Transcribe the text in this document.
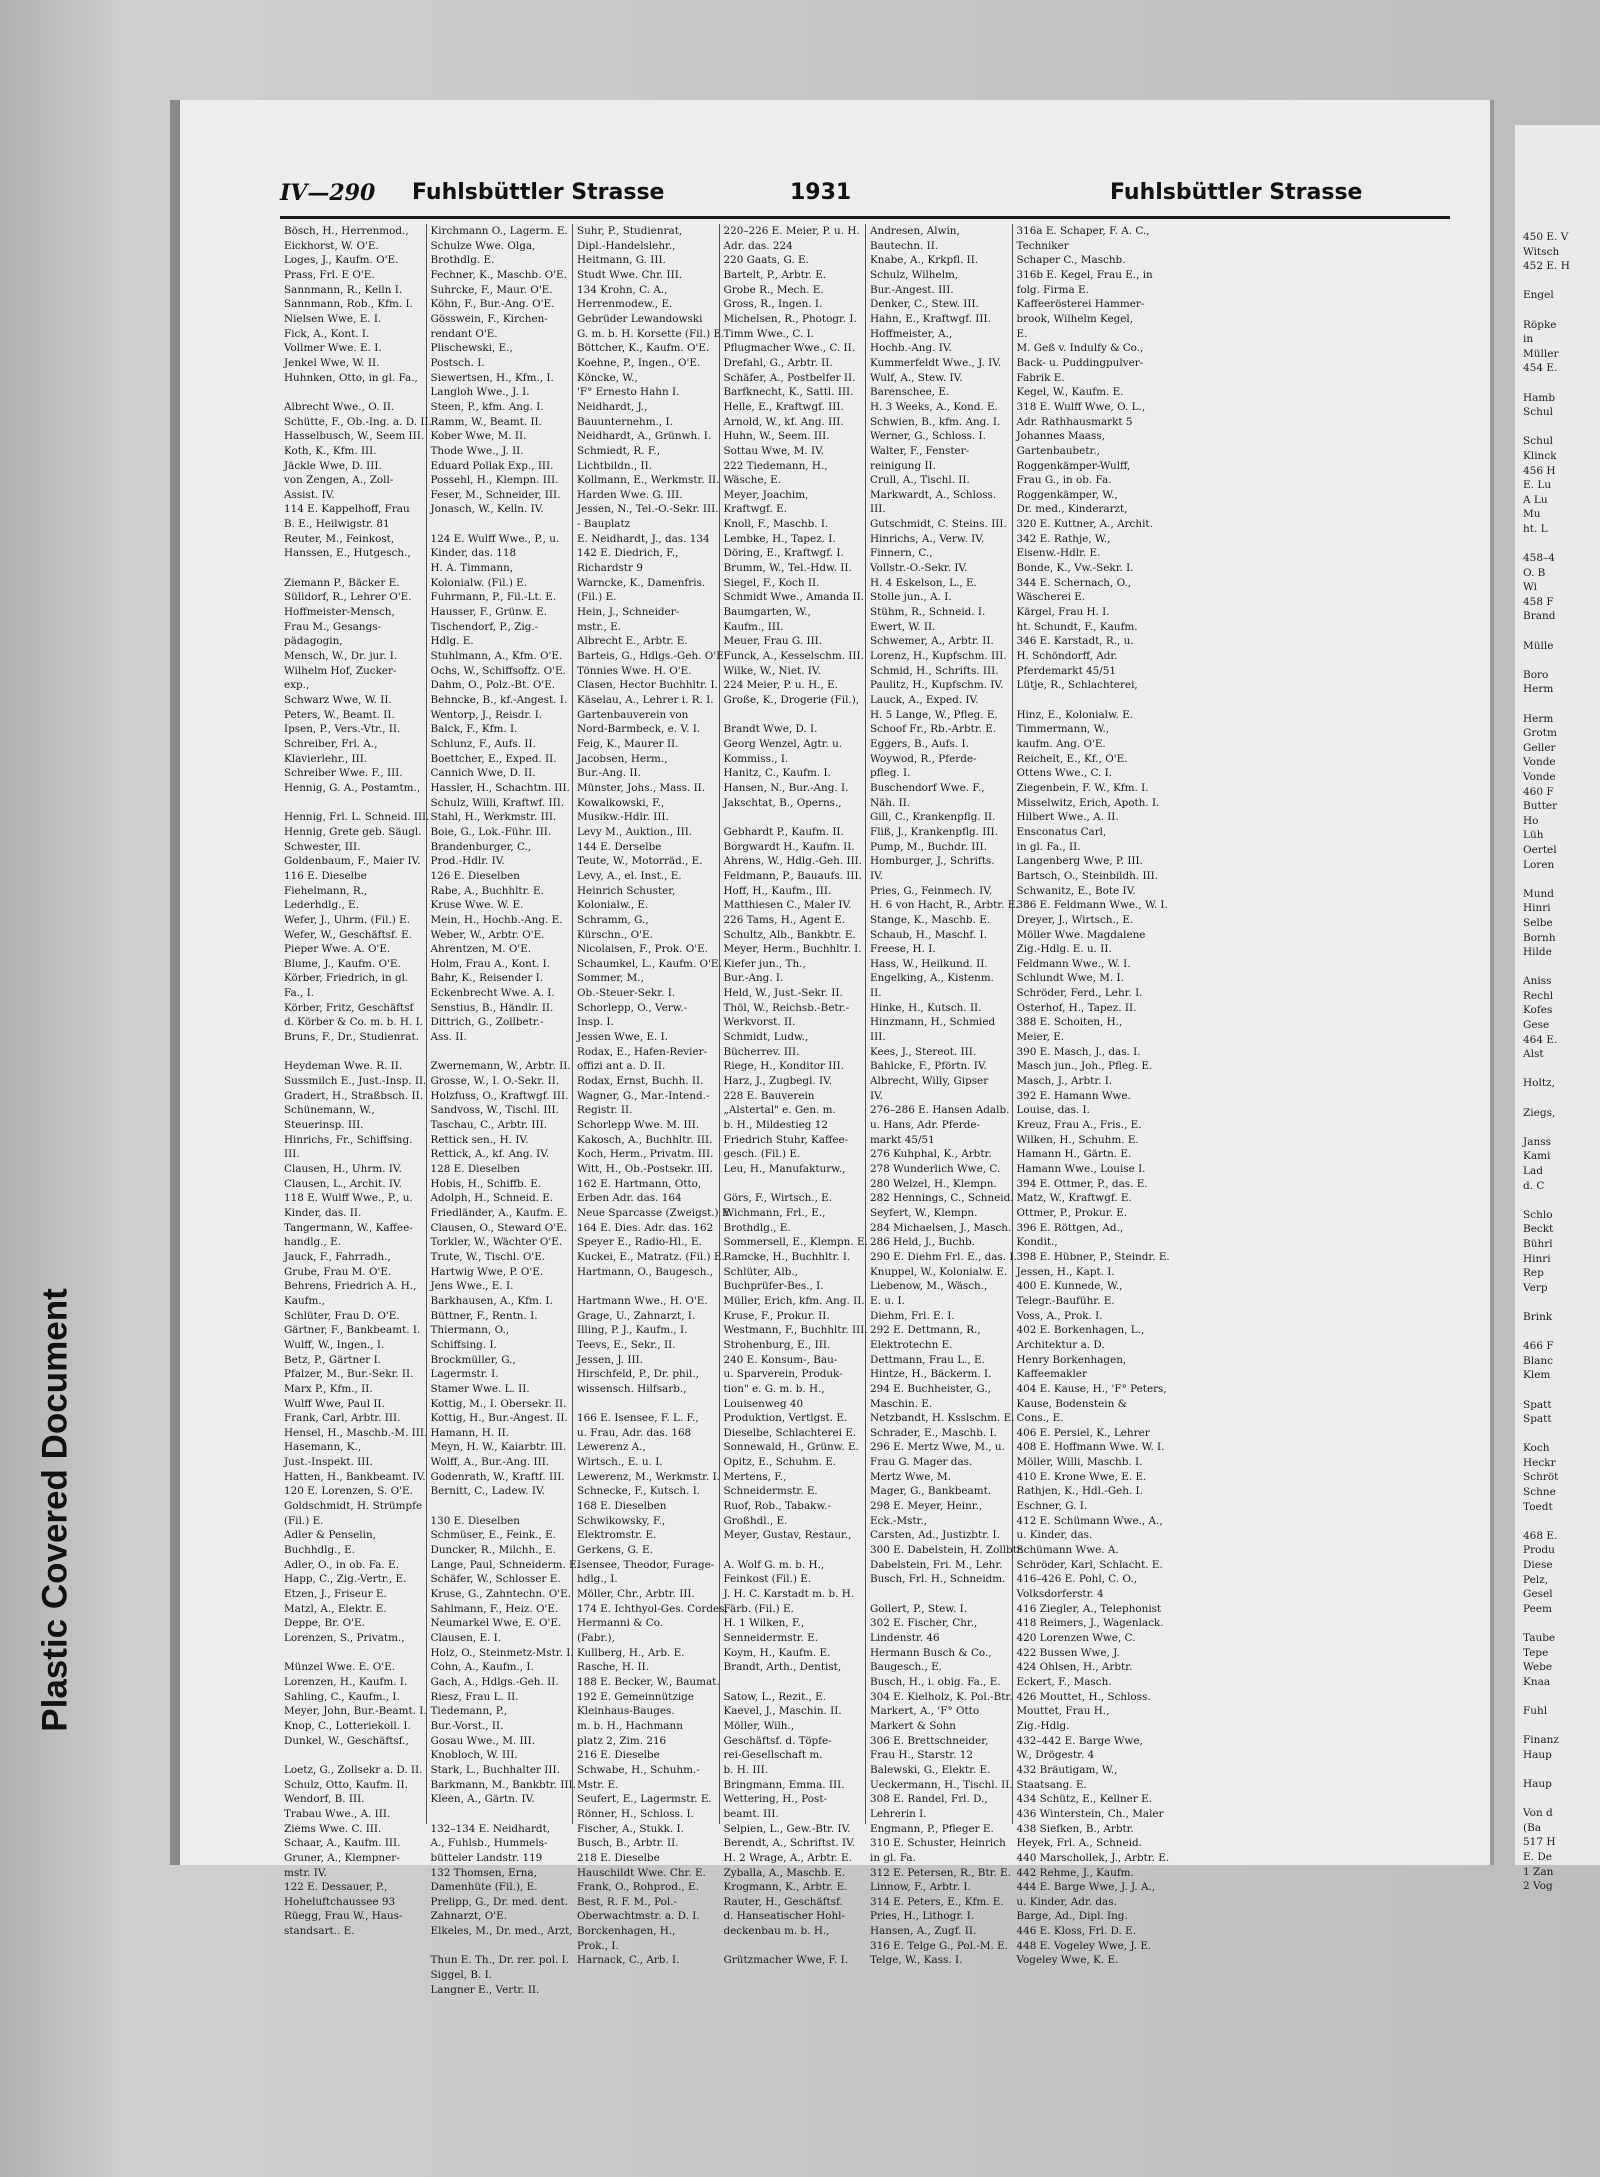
Plastic Covered Document
IV—290 Fuhlsbüttler Strasse	1931	Fuhlsbüttler Strasse
Bösch, H., Herrenmod.,
Eickhorst, W. O'E.
Loges, J., Kaufm. O'E.
Prass, Frl. E O'E.
Sannmann, R., Kelln I.
Sannmann, Rob., Kfm. I.
Nielsen Wwe, E. I.
Fick, A., Kont. I.
Vollmer Wwe. E. I.
Jenkel Wwe, W. II.
Huhnken, Otto, in gl. Fa.,

Albrecht Wwe., O. II.
Schütte, F., Ob.-Ing. a. D. II.
Hasselbusch, W., Seem III.
Koth, K., Kfm. III.
Jäckle Wwe, D. III.
von Zengen, A., Zoll-
Assist. IV.
114 E. Kappelhoff, Frau
B. E., Heilwigstr. 81
Reuter, M., Feinkost,
Hanssen, E., Hutgesch.,

Ziemann P., Bäcker E.
Sülldorf, R., Lehrer O'E.
Hoffmeister-Mensch,
Frau M., Gesangs-
pädagogin,
Mensch, W., Dr. jur. I.
Wilhelm Hof, Zucker-
exp.,
Schwarz Wwe, W. II.
Peters, W., Beamt. II.
Ipsen, P., Vers.-Vtr., II.
Schreiber, Frl. A.,
Klavierlehr., III.
Schreiber Wwe. F., III.
Hennig, G. A., Postamtm.,

Hennig, Frl. L. Schneid. III.
Hennig, Grete geb. Säugl.
Schwester, III.
Goldenbaum, F., Maier IV.
116 E. Dieselbe
Fiehelmann, R.,
Lederhdlg., E.
Wefer, J., Uhrm. (Fil.) E.
Wefer, W., Geschäftsf. E.
Pieper Wwe. A. O'E.
Blume, J., Kaufm. O'E.
Körber, Friedrich, in gl.
Fa., I.
Körber, Fritz, Geschäftsf
d. Körber & Co. m. b. H. I.
Bruns, F., Dr., Studienrat.

Heydeman Wwe. R. II.
Sussmilch E., Just.-Insp. II.
Gradert, H., Straßbsch. II.
Schünemann, W.,
Steuerinsp. III.
Hinrichs, Fr., Schiffsing.
III.
Clausen, H., Uhrm. IV.
Clausen, L., Archit. IV.
118 E. Wulff Wwe., P., u.
Kinder, das. II.
Tangermann, W., Kaffee-
handlg., E.
Jauck, F., Fahrradh.,
Grube, Frau M. O'E.
Behrens, Friedrich A. H.,
Kaufm.,
Schlüter, Frau D. O'E.
Gärtner, F., Bankbeamt. I.
Wulff, W., Ingen., I.
Betz, P., Gärtner I.
Pfalzer, M., Bur.-Sekr. II.
Marx P., Kfm., II.
Wulff Wwe, Paul II.
Frank, Carl, Arbtr. III.
Hensel, H., Maschb.-M. III.
Hasemann, K.,
Just.-Inspekt. III.
Hatten, H., Bankbeamt. IV.
120 E. Lorenzen, S. O'E.
Goldschmidt, H. Strümpfe
(Fil.) E.
Adler & Penselin,
Buchhdlg., E.
Adler, O., in ob. Fa. E.
Happ, C., Zig.-Vertr., E.
Etzen, J., Friseur E.
Matzl, A., Elektr. E.
Deppe, Br. O'E.
Lorenzen, S., Privatm.,

Münzel Wwe. E. O'E.
Lorenzen, H., Kaufm. I.
Sahling, C., Kaufm., I.
Meyer, John, Bur.-Beamt. I.
Knop, C., Lotteriekoll. I.
Dunkel, W., Geschäftsf.,

Loetz, G., Zollsekr a. D. II.
Schulz, Otto, Kaufm. II.
Wendorf, B. III.
Trabau Wwe., A. III.
Ziems Wwe. C. III.
Schaar, A., Kaufm. III.
Gruner, A., Klempner-
mstr. IV.
122 E. Dessauer, P.,
Hoheluftchaussee 93
Rüegg, Frau W., Haus-
standsart.. E.
Kirchmann O., Lagerm. E.
Schulze Wwe. Olga,
Brothdlg. E.
Fechner, K., Maschb. O'E.
Suhrcke, F., Maur. O'E.
Köhn, F., Bur.-Ang. O'E.
Gösswein, F., Kirchen-
rendant O'E.
Plischewski, E.,
Postsch. I.
Siewertsen, H., Kfm., I.
Langloh Wwe., J. I.
Steen, P., kfm. Ang. I.
Ramm, W., Beamt. II.
Kober Wwe, M. II.
Thode Wwe., J. II.
Eduard Pollak Exp., III.
Possehl, H., Klempn. III.
Feser, M., Schneider, III.
Jonasch, W., Kelln. IV.

124 E. Wulff Wwe., P., u.
Kinder, das. 118
H. A. Timmann,
Kolonialw. (Fil.) E.
Fuhrmann, P., Fil.-Lt. E.
Hausser, F., Grünw. E.
Tischendorf, P., Zig.-
Hdlg. E.
Stuhlmann, A., Kfm. O'E.
Ochs, W., Schiffsoffz. O'E.
Dahm, O., Polz.-Bt. O'E.
Behncke, B., kf.-Angest. I.
Wentorp, J., Reisdr. I.
Balck, F., Kfm. I.
Schlunz, F., Aufs. II.
Boettcher, E., Exped. II.
Cannich Wwe, D. II.
Hassler, H., Schachtm. III.
Schulz, Willi, Kraftwf. III.
Stahl, H., Werkmstr. III.
Boie, G., Lok.-Führ. III.
Brandenburger, C.,
Prod.-Hdlr. IV.
126 E. Dieselben
Rabe, A., Buchhltr. E.
Kruse Wwe. W. E.
Mein, H., Hochb.-Ang. E.
Weber, W., Arbtr. O'E.
Ahrentzen, M. O'E.
Holm, Frau A., Kont. I.
Bahr, K., Reisender I.
Eckenbrecht Wwe. A. I.
Senstius, B., Händlr. II.
Dittrich, G., Zollbetr.-
Ass. II.

Zwernemann, W., Arbtr. II.
Grosse, W., I. O.-Sekr. II.
Holzfuss, O., Kraftwgf. III.
Sandvoss, W., Tischl. III.
Taschau, C., Arbtr. III.
Rettick sen., H. IV.
Rettick, A., kf. Ang. IV.
128 E. Dieselben
Hobis, H., Schiffb. E.
Adolph, H., Schneid. E.
Friedländer, A., Kaufm. E.
Clausen, O., Steward O'E.
Torkler, W., Wächter O'E.
Trute, W., Tischl. O'E.
Hartwig Wwe, P. O'E.
Jens Wwe., E. I.
Barkhausen, A., Kfm. I.
Büttner, F., Rentn. I.
Thiermann, O.,
Schiffsing. I.
Brockmüller, G.,
Lagermstr. I.
Stamer Wwe. L. II.
Kottig, M., I. Obersekr. II.
Kottig, H., Bur.-Angest. II.
Hamann, H. II.
Meyn, H. W., Kaiarbtr. III.
Wolff, A., Bur.-Ang. III.
Godenrath, W., Kraftf. III.
Bernitt, C., Ladew. IV.

130 E. Dieselben
Schmüser, E., Feink., E.
Duncker, R., Milchh., E.
Lange, Paul, Schneiderm. E.
Schäfer, W., Schlosser E.
Kruse, G., Zahntechn. O'E.
Sahlmann, F., Heiz. O'E.
Neumarkel Wwe, E. O'E.
Clausen, E. I.
Holz, O., Steinmetz-Mstr. I.
Cohn, A., Kaufm., I.
Gach, A., Hdlgs.-Geh. II.
Riesz, Frau L. II.
Tiedemann, P.,
Bur.-Vorst., II.
Gosau Wwe., M. III.
Knobloch, W. III.
Stark, L., Buchhalter III.
Barkmann, M., Bankbtr. III.
Kleen, A., Gärtn. IV.

132–134 E. Neidhardt,
A., Fuhlsb., Hummels-
bütteler Landstr. 119
132 Thomsen, Erna,
Damenhüte (Fil.), E.
Prelipp, G., Dr. med. dent.
Zahnarzt, O'E.
Elkeles, M., Dr. med., Arzt,

Thun E. Th., Dr. rer. pol. I.
Siggel, B. I.
Langner E., Vertr. II.
Suhr, P., Studienrat,
Dipl.-Handelslehr.,
Heitmann, G. III.
Studt Wwe. Chr. III.
134 Krohn, C. A.,
Herrenmodew., E.
Gebrüder Lewandowski
G. m. b. H. Korsette (Fil.) E.
Böttcher, K., Kaufm. O'E.
Koehne, P., Ingen., O'E.
Köncke, W.,
'F° Ernesto Hahn I.
Neidhardt, J.,
Bauunternehm., I.
Neidhardt, A., Grünwh. I.
Schmiedt, R. F.,
Lichtbildn., II.
Kollmann, E., Werkmstr. II.
Harden Wwe. G. III.
Jessen, N., Tel.-O.-Sekr. III.
- Bauplatz
E. Neidhardt, J., das. 134
142 E. Diedrich, F.,
Richardstr 9
Warncke, K., Damenfris.
(Fil.) E.
Hein, J., Schneider-
mstr., E.
Albrecht E., Arbtr. E.
Barteis, G., Hdlgs.-Geh. O'E.
Tönnies Wwe. H. O'E.
Clasen, Hector Buchhltr. I.
Käselau, A., Lehrer i. R. I.
Gartenbauverein von
Nord-Barmbeck, e. V. I.
Feig, K., Maurer II.
Jacobsen, Herm.,
Bur.-Ang. II.
Münster, Johs., Mass. II.
Kowalkowski, F.,
Musikw.-Hdlr. III.
Levy M., Auktion., III.
144 E. Derselbe
Teute, W., Motorräd., E.
Levy, A., el. Inst., E.
Heinrich Schuster,
Kolonialw., E.
Schramm, G.,
Kürschn., O'E.
Nicolaisen, F., Prok. O'E.
Schaumkel, L., Kaufm. O'E.
Sommer, M.,
Ob.-Steuer-Sekr. I.
Schorlepp, O., Verw.-
Insp. I.
Jessen Wwe, E. I.
Rodax, E., Hafen-Revier-
offizi ant a. D. II.
Rodax, Ernst, Buchh. II.
Wagner, G., Mar.-Intend.-
Registr. II.
Schorlepp Wwe. M. III.
Kakosch, A., Buchhltr. III.
Koch, Herm., Privatm. III.
Witt, H., Ob.-Postsekr. III.
162 E. Hartmann, Otto,
Erben Adr. das. 164
Neue Sparcasse (Zweigst.) E.
164 E. Dies. Adr. das. 162
Speyer E., Radio-Hl., E.
Kuckei, E., Matratz. (Fil.) E.
Hartmann, O., Baugesch.,

Hartmann Wwe., H. O'E.
Grage, U., Zahnarzt, I.
Illing, P. J., Kaufm., I.
Teevs, E., Sekr., II.
Jessen, J. III.
Hirschfeld, P., Dr. phil.,
wissensch. Hilfsarb.,

166 E. Isensee, F. L. F.,
u. Frau, Adr. das. 168
Lewerenz A.,
Wirtsch., E. u. I.
Lewerenz, M., Werkmstr. I.
Schnecke, F., Kutsch. I.
168 E. Dieselben
Schwikowsky, F.,
Elektromstr. E.
Gerkens, G. E.
Isensee, Theodor, Furage-
hdlg., I.
Möller, Chr., Arbtr. III.
174 E. Ichthyol-Ges. Cordes,
Hermanni & Co.
(Fabr.),
Kullberg, H., Arb. E.
Rasche, H. II.
188 E. Becker, W., Baumat.
192 E. Gemeinnützige
Kleinhaus-Bauges.
m. b. H., Hachmann
platz 2, Zim. 216
216 E. Dieselbe
Schwabe, H., Schuhm.-
Mstr. E.
Seufert, E., Lagermstr. E.
Rönner, H., Schloss. I.
Fischer, A., Stukk. I.
Busch, B., Arbtr. II.
218 E. Dieselbe
Hauschildt Wwe. Chr. E.
Frank, O., Rohprod., E.
Best, R. F. M., Pol.-
Oberwachtmstr. a. D. I.
Borckenhagen, H.,
Prok., I.
Harnack, C., Arb. I.
220–226 E. Meier, P. u. H.
Adr. das. 224
220 Gaats, G. E.
Bartelt, P., Arbtr. E.
Grobe R., Mech. E.
Gross, R., Ingen. I.
Michelsen, R., Photogr. I.
Timm Wwe., C. I.
Pflugmacher Wwe., C. II.
Drefahl, G., Arbtr. II.
Schäfer, A., Postbelfer II.
Barfknecht, K., Sattl. III.
Helle, E., Kraftwgf. III.
Arnold, W., kf. Ang. III.
Huhn, W., Seem. III.
Sottau Wwe, M. IV.
222 Tiedemann, H.,
Wäsche, E.
Meyer, Joachim,
Kraftwgf. E.
Knoll, F., Maschb. I.
Lembke, H., Tapez. I.
Döring, E., Kraftwgf. I.
Brumm, W., Tel.-Hdw. II.
Siegel, F., Koch II.
Schmidt Wwe., Amanda II.
Baumgarten, W.,
Kaufm., III.
Meuer, Frau G. III.
Funck, A., Kesselschm. III.
Wilke, W., Niet. IV.
224 Meier, P. u. H., E.
Große, K., Drogerie (Fil.),

Brandt Wwe, D. I.
Georg Wenzel, Agtr. u.
Kommiss., I.
Hanitz, C., Kaufm. I.
Hansen, N., Bur.-Ang. I.
Jakschtat, B., Operns.,

Gebhardt P., Kaufm. II.
Borgwardt H., Kaufm. II.
Ahrens, W., Hdlg.-Geh. III.
Feldmann, P., Bauaufs. III.
Hoff, H., Kaufm., III.
Matthiesen C., Maler IV.
226 Tams, H., Agent E.
Schultz, Alb., Bankbtr. E.
Meyer, Herm., Buchhltr. I.
Kiefer jun., Th.,
Bur.-Ang. I.
Held, W., Just.-Sekr. II.
Thöl, W., Reichsb.-Betr.-
Werkvorst. II.
Schmidt, Ludw.,
Bücherrev. III.
Riege, H., Konditor III.
Harz, J., Zugbegl. IV.
228 E. Bauverein
„Alstertal" e. Gen. m.
b. H., Mildestieg 12
Friedrich Stuhr, Kaffee-
gesch. (Fil.) E.
Leu, H., Manufakturw.,

Görs, F., Wirtsch., E.
Wichmann, Frl., E.,
Brothdlg., E.
Sommersell, E., Klempn. E.
Ramcke, H., Buchhltr. I.
Schlüter, Alb.,
Buchprüfer-Bes., I.
Müller, Erich, kfm. Ang. II.
Kruse, F., Prokur. II.
Westmann, F., Buchhltr. III.
Strohenburg, E., III.
240 E. Konsum-, Bau-
u. Sparverein, Produk-
tion" e. G. m. b. H.,
Louisenweg 40
Produktion, Vertlgst. E.
Dieselbe, Schlachterei E.
Sonnewald, H., Grünw. E.
Opitz, E., Schuhm. E.
Mertens, F.,
Schneidermstr. E.
Ruof, Rob., Tabakw.-
Großhdl., E.
Meyer, Gustav, Restaur.,

A. Wolf G. m. b. H.,
Feinkost (Fil.) E.
J. H. C. Karstadt m. b. H.
Färb. (Fil.) E.
H. 1 Wilken, F.,
Senneidermstr. E.
Koym, H., Kaufm. E.
Brandt, Arth., Dentist,

Satow, L., Rezit., E.
Kaevel, J., Maschin. II.
Möller, Wilh.,
Geschäftsf. d. Töpfe-
rei-Gesellschaft m.
b. H. III.
Bringmann, Emma. III.
Wettering, H., Post-
beamt. III.
Selpien, L., Gew.-Btr. IV.
Berendt, A., Schriftst. IV.
H. 2 Wrage, A., Arbtr. E.
Zyballa, A., Maschb. E.
Krogmann, K., Arbtr. E.
Rauter, H., Geschäftsf.
d. Hanseatischer Hohl-
deckenbau m. b. H.,

Grützmacher Wwe, F. I.
Andresen, Alwin,
Bautechn. II.
Knabe, A., Krkpfl. II.
Schulz, Wilhelm,
Bur.-Angest. III.
Denker, C., Stew. III.
Hahn, E., Kraftwgf. III.
Hoffmeister, A.,
Hochb.-Ang. IV.
Kummerfeldt Wwe., J. IV.
Wulf, A., Stew. IV.
Barenschee, E.
H. 3 Weeks, A., Kond. E.
Schwien, B., kfm. Ang. I.
Werner, G., Schloss. I.
Walter, F., Fenster-
reinigung II.
Crull, A., Tischl. II.
Markwardt, A., Schloss.
III.
Gutschmidt, C. Steins. III.
Hinrichs, A., Verw. IV.
Finnern, C.,
Vollstr.-O.-Sekr. IV.
H. 4 Eskelson, L., E.
Stolle jun., A. I.
Stühm, R., Schneid. I.
Ewert, W. II.
Schwemer, A., Arbtr. II.
Lorenz, H., Kupfschm. III.
Schmid, H., Schrifts. III.
Paulitz, H., Kupfschm. IV.
Lauck, A., Exped. IV.
H. 5 Lange, W., Pfleg. E.
Schoof Fr., Rb.-Arbtr. E.
Eggers, B., Aufs. I.
Woywod, R., Pferde-
pfleg. I.
Buschendorf Wwe. F.,
Näh. II.
Gill, C., Krankenpflg. II.
Fliß, J., Krankenpflg. III.
Pump, M., Buchdr. III.
Homburger, J., Schrifts.
IV.
Pries, G., Feinmech. IV.
H. 6 von Hacht, R., Arbtr. E.
Stange, K., Maschb. E.
Schaub, H., Maschf. I.
Freese, H. I.
Hass, W., Heilkund. II.
Engelking, A., Kistenm.
II.
Hinke, H., Kutsch. II.
Hinzmann, H., Schmied
III.
Kees, J., Stereot. III.
Bahlcke, F., Pförtn. IV.
Albrecht, Willy, Gipser
IV.
276–286 E. Hansen Adalb.
u. Hans, Adr. Pferde-
markt 45/51
276 Kuhphal, K., Arbtr.
278 Wunderlich Wwe, C.
280 Welzel, H., Klempn.
282 Hennings, C., Schneid.
Seyfert, W., Klempn.
284 Michaelsen, J., Masch.
286 Held, J., Buchb.
290 E. Diehm Frl. E., das. I.
Knuppel, W., Kolonialw. E.
Liebenow, M., Wäsch.,
E. u. I.
Diehm, Frl. E. I.
292 E. Dettmann, R.,
Elektrotechn E.
Dettmann, Frau L., E.
Hintze, H., Bäckerm. I.
294 E. Buchheister, G.,
Maschin. E.
Netzbandt, H. Ksslschm. E.
Schrader, E., Maschb. I.
296 E. Mertz Wwe, M., u.
Frau G. Mager das.
Mertz Wwe, M.
Mager, G., Bankbeamt.
298 E. Meyer, Heinr.,
Eck.-Mstr.,
Carsten, Ad., Justizbtr. I.
300 E. Dabelstein, H. Zollbtr.
Dabelstein, Fri. M., Lehr.
Busch, Frl. H., Schneidm.

Gollert, P., Stew. I.
302 E. Fischer, Chr.,
Lindenstr. 46
Hermann Busch & Co.,
Baugesch., E.
Busch, H., i. obig. Fa., E.
304 E. Kielholz, K. Pol.-Btr.
Markert, A., 'F° Otto
Markert & Sohn
306 E. Brettschneider,
Frau H., Starstr. 12
Balewski, G., Elektr. E.
Ueckermann, H., Tischl. II.
308 E. Randel, Frl. D.,
Lehrerin I.
Engmann, P., Pfleger E.
310 E. Schuster, Heinrich
in gl. Fa.
312 E. Petersen, R., Btr. E.
Linnow, F., Arbtr. I.
314 E. Peters, E., Kfm. E.
Pries, H., Lithogr. I.
Hansen, A., Zugf. II.
316 E. Telge G., Pol.-M. E.
Telge, W., Kass. I.
316a E. Schaper, F. A. C.,
Techniker
Schaper C., Maschb.
316b E. Kegel, Frau E., in
folg. Firma E.
Kaffeerösterei Hammer-
brook, Wilhelm Kegel,
E.
M. Geß v. Indulfy & Co.,
Back- u. Puddingpulver-
Fabrik E.
Kegel, W., Kaufm. E.
318 E. Wulff Wwe, O. L.,
Adr. Rathhausmarkt 5
Johannes Maass,
Gartenbaubetr.,
Roggenkämper-Wulff,
Frau G., in ob. Fa.
Roggenkämper, W.,
Dr. med., Kinderarzt,
320 E. Kuttner, A., Archit.
342 E. Rathje, W.,
Eisenw.-Hdlr. E.
Bonde, K., Vw.-Sekr. I.
344 E. Schernach, O.,
Wäscherei E.
Kärgel, Frau H. I.
ht. Schundt, F., Kaufm.
346 E. Karstadt, R., u.
H. Schöndorff, Adr.
Pferdemarkt 45/51
Lütje, R., Schlachterei,

Hinz, E., Kolonialw. E.
Timmermann, W.,
kaufm. Ang. O'E.
Reichelt, E., Kf., O'E.
Ottens Wwe., C. I.
Ziegenbein, F. W., Kfm. I.
Misselwitz, Erich, Apoth. I.
Hilbert Wwe., A. II.
Ensconatus Carl,
in gl. Fa., II.
Langenberg Wwe, P. III.
Bartsch, O., Steinbildh. III.
Schwanitz, E., Bote IV.
386 E. Feldmann Wwe., W. I.
Dreyer, J., Wirtsch., E.
Möller Wwe. Magdalene
Zig.-Hdlg. E. u. II.
Feldmann Wwe., W. I.
Schlundt Wwe, M. I.
Schröder, Ferd., Lehr. I.
Osterhof, H., Tapez. II.
388 E. Schoiten, H.,
Meier, E.
390 E. Masch, J., das. I.
Masch jun., Joh., Pfleg. E.
Masch, J., Arbtr. I.
392 E. Hamann Wwe.
Louise, das. I.
Kreuz, Frau A., Fris., E.
Wilken, H., Schuhm. E.
Hamann H., Gärtn. E.
Hamann Wwe., Louise I.
394 E. Ottmer, P., das. E.
Matz, W., Kraftwgf. E.
Ottmer, P., Prokur. E.
396 E. Röttgen, Ad.,
Kondit.,
398 E. Hübner, P., Steindr. E.
Jessen, H., Kapt. I.
400 E. Kunnede, W.,
Telegr.-Bauführ. E.
Voss, A., Prok. I.
402 E. Borkenhagen, L.,
Architektur a. D.
Henry Borkenhagen,
Kaffeemakler
404 E. Kause, H., 'F° Peters,
Kause, Bodenstein &
Cons., E.
406 E. Persiel, K., Lehrer
408 E. Hoffmann Wwe. W. I.
Möller, Willi, Maschb. I.
410 E. Krone Wwe, E. E.
Rathjen, K., Hdl.-Geh. I.
Eschner, G. I.
412 E. Schümann Wwe., A.,
u. Kinder, das.
Schümann Wwe. A.
Schröder, Karl, Schlacht. E.
416–426 E. Pohl, C. O.,
Volksdorferstr. 4
416 Ziegler, A., Telephonist
418 Reimers, J., Wagenlack.
420 Lorenzen Wwe, C.
422 Bussen Wwe, J.
424 Ohlsen, H., Arbtr.
Eckert, F., Masch.
426 Mouttet, H., Schloss.
Mouttet, Frau H.,
Zig.-Hdlg.
432–442 E. Barge Wwe,
W., Drögestr. 4
432 Bräutigam, W.,
Staatsang. E.
434 Schütz, E., Kellner E.
436 Winterstein, Ch., Maler
438 Siefken, B., Arbtr.
Heyek, Frl. A., Schneid.
440 Marschollek, J., Arbtr. E.
442 Rehme, J., Kaufm.
444 E. Barge Wwe, J. J. A.,
u. Kinder, Adr. das.
Barge, Ad., Dipl. Ing.
446 E. Kloss, Frl. D. E.
448 E. Vogeley Wwe, J. E.
Vogeley Wwe, K. E.
450 E. V
Witsch
452 E. H

Engel

Röpke
in
Müller
454 E.

Hamb
Schul

Schul
Klinck
456 H
E. Lu
A Lu
Mu
ht. L

458–4
O. B
Wi
458 F
Brand

Mülle

Boro
Herm

Herm
Grotm
Geller
Vonde
Vonde
460 F
Butter
Ho
Lüh
Oertel
Loren

Mund
Hinri
Selbe
Bornh
Hilde

Aniss
Rechl
Kofes
Gese
464 E.
Alst

Holtz,

Ziegs,

Janss
Kami
Lad
d. C

Schlo
Beckt
Bührl
Hinri
Rep
Verp

Brink

466 F
Blanc
Klem

Spatt
Spatt

Koch
Heckr
Schröt
Schne
Toedt

468 E.
Produ
Diese
Pelz,
Gesel
Peem

Taube
Tepe
Webe
Knaa

Fuhl

Finanz
Haup

Haup

Von d
(Ba
517 H
E. De
1 Zan
2 Vog
